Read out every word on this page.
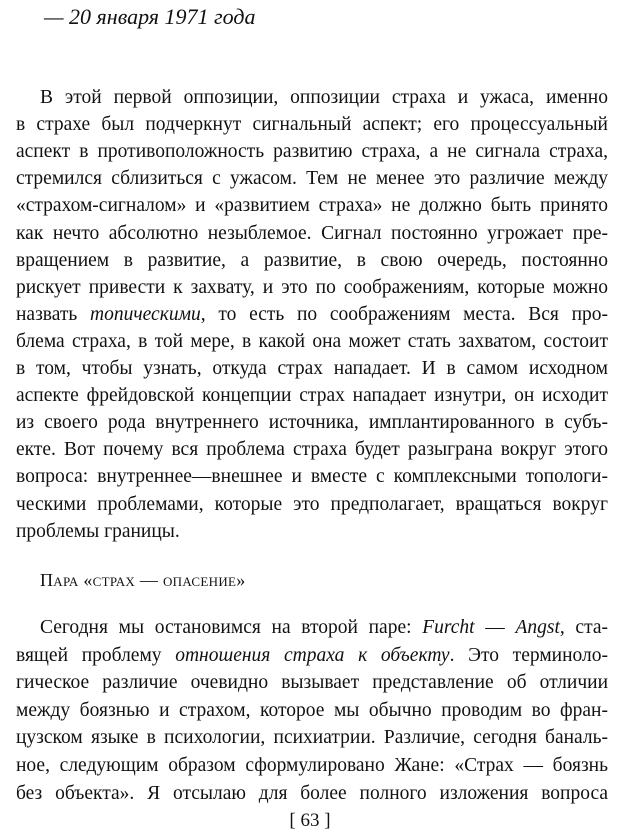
— 20 января 1971 года
В этой первой оппозиции, оппозиции страха и ужаса, именно
в страхе был подчеркнут сигнальный аспект; его процессуальный
аспект в противоположность развитию страха, а не сигнала страха,
стремился сблизиться с ужасом. Тем не менее это различие между
«страхом-сигналом» и «развитием страха» не должно быть принято
как нечто абсолютно незыблемое. Сигнал постоянно угрожает пре-
вращением в развитие, а развитие, в свою очередь, постоянно
рискует привести к захвату, и это по соображениям, которые можно
назвать топическими, то есть по соображениям места. Вся про-
блема страха, в той мере, в какой она может стать захватом, состоит
в том, чтобы узнать, откуда страх нападает. И в самом исходном
аспекте фрейдовской концепции страх нападает изнутри, он исходит
из своего рода внутреннего источника, имплантированного в субъ-
екте. Вот почему вся проблема страха будет разыграна вокруг этого
вопроса: внутреннее—внешнее и вместе с комплексными топологи-
ческими проблемами, которые это предполагает, вращаться вокруг
проблемы границы.
Пара «страх — опасение»
Сегодня мы остановимся на второй паре: Furcht — Angst, ста-
вящей проблему отношения страха к объекту. Это терминоло-
гическое различие очевидно вызывает представление об отличии
между боязнью и страхом, которое мы обычно проводим во фран-
цузском языке в психологии, психиатрии. Различие, сегодня баналь-
ное, следующим образом сформулировано Жане: «Страх — боязнь
без объекта». Я отсылаю для более полного изложения вопроса
[ 63 ]
